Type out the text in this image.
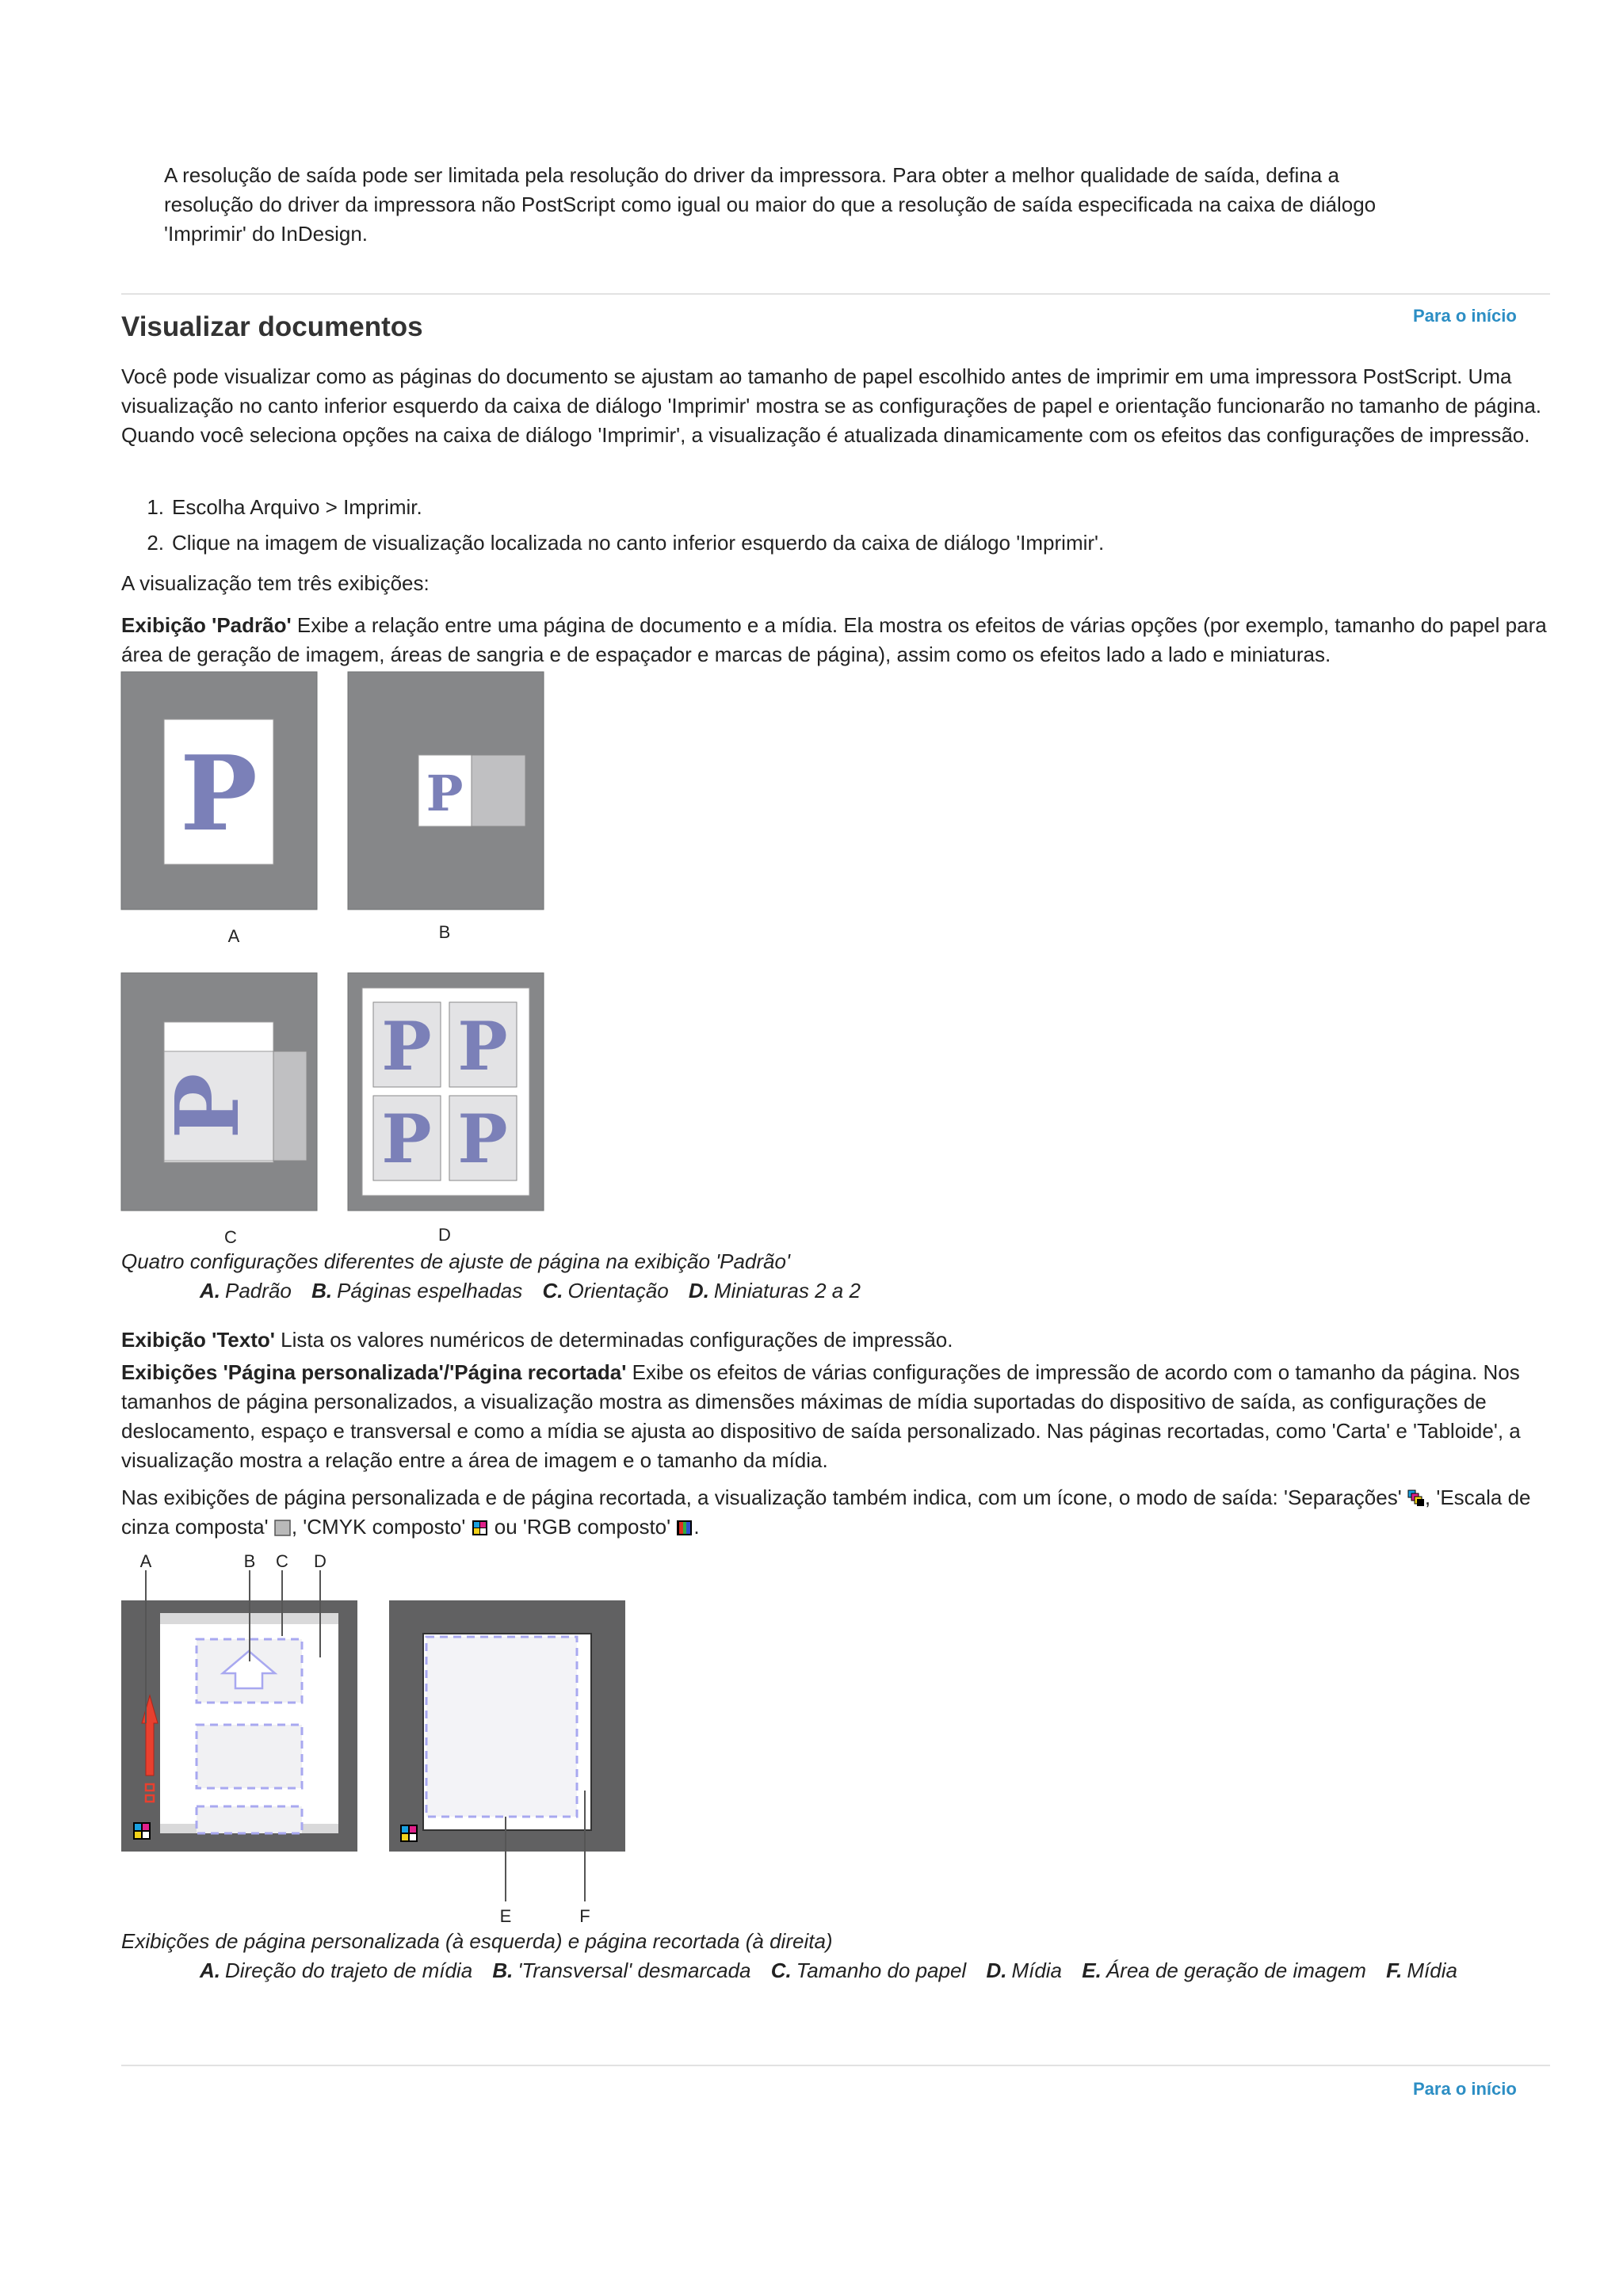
A resolução de saída pode ser limitada pela resolução do driver da impressora. Para obter a melhor qualidade de saída, defina a resolução do driver da impressora não PostScript como igual ou maior do que a resolução de saída especificada na caixa de diálogo 'Imprimir' do InDesign.
Para o início
Visualizar documentos
Você pode visualizar como as páginas do documento se ajustam ao tamanho de papel escolhido antes de imprimir em uma impressora PostScript. Uma visualização no canto inferior esquerdo da caixa de diálogo 'Imprimir' mostra se as configurações de papel e orientação funcionarão no tamanho de página. Quando você seleciona opções na caixa de diálogo 'Imprimir', a visualização é atualizada dinamicamente com os efeitos das configurações de impressão.
1. Escolha Arquivo > Imprimir.
2. Clique na imagem de visualização localizada no canto inferior esquerdo da caixa de diálogo 'Imprimir'.
A visualização tem três exibições:
Exibição 'Padrão' Exibe a relação entre uma página de documento e a mídia. Ela mostra os efeitos de várias opções (por exemplo, tamanho do papel para área de geração de imagem, áreas de sangria e de espaçador e marcas de página), assim como os efeitos lado a lado e miniaturas.
P
A
P
B
P
C
P P
P P
D
Quatro configurações diferentes de ajuste de página na exibição 'Padrão'
A. Padrão B. Páginas espelhadas C. Orientação D. Miniaturas 2 a 2
Exibição 'Texto' Lista os valores numéricos de determinadas configurações de impressão.
Exibições 'Página personalizada'/'Página recortada' Exibe os efeitos de várias configurações de impressão de acordo com o tamanho da página. Nos tamanhos de página personalizados, a visualização mostra as dimensões máximas de mídia suportadas do dispositivo de saída, as configurações de deslocamento, espaço e transversal e como a mídia se ajusta ao dispositivo de saída personalizado. Nas páginas recortadas, como 'Carta' e 'Tabloide', a visualização mostra a relação entre a área de imagem e o tamanho da mídia.
Nas exibições de página personalizada e de página recortada, a visualização também indica, com um ícone, o modo de saída: 'Separações' , 'Escala de cinza composta' , 'CMYK composto'  ou 'RGB composto' .
A	B C D
E	F
Exibições de página personalizada (à esquerda) e página recortada (à direita)
A. Direção do trajeto de mídia B. 'Transversal' desmarcada C. Tamanho do papel D. Mídia E. Área de geração de imagem F. Mídia
Para o início
